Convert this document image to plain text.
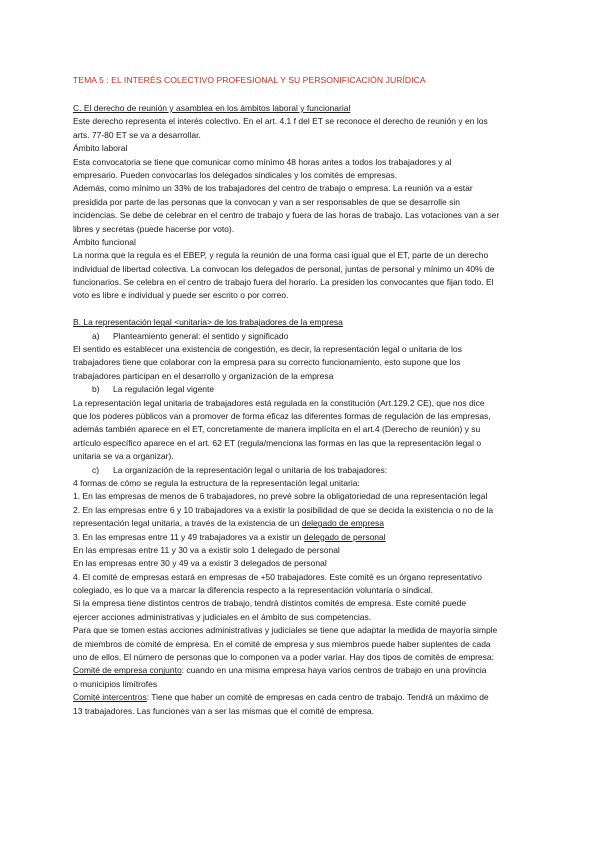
TEMA 5 : EL INTERÉS COLECTIVO PROFESIONAL Y SU PERSONIFICACIÓN JURÍDICA
C. El derecho de reunión y asamblea en los ámbitos laboral y funcionarial
Este derecho representa el interés colectivo. En el art. 4.1 f del ET se reconoce el derecho de reunión y en los
arts. 77-80 ET se va a desarrollar.
Ámbito laboral
Esta convocatoria se tiene que comunicar como mínimo 48 horas antes a todos los trabajadores y al
empresario. Pueden convocarlas los delegados sindicales y los comités de empresas.
Además, como mínimo un 33% de los trabajadores del centro de trabajo o empresa. La reunión va a estar
presidida por parte de las personas que la convocan y van a ser responsables de que se desarrolle sin
incidencias. Se debe de celebrar en el centro de trabajo y fuera de las horas de trabajo. Las votaciones van a ser
libres y secretas (puede hacerse por voto).
Ámbito funcional
La norma que la regula es el EBEP, y regula la reunión de una forma casi igual que el ET, parte de un derecho
individual de libertad colectiva. La convocan los delegados de personal, juntas de personal y mínimo un 40% de
funcionarios. Se celebra en el centro de trabajo fuera del horario. La presiden los convocantes que fijan todo. El
voto es libre e individual y puede ser escrito o por correo.
B. La representación legal <unitaria> de los trabajadores de la empresa
a) Planteamiento general: el sentido y significado
El sentido es establecer una existencia de congestión, es decir, la representación legal o unitaria de los
trabajadores tiene que colaborar con la empresa para su correcto funcionamiento, esto supone que los
trabajadores participan en el desarrollo y organización de la empresa
b) La regulación legal vigente
La representación legal unitaria de trabajadores está regulada en la constitución (Art.129.2 CE), que nos dice
que los poderes públicos van a promover de forma eficaz las diferentes formas de regulación de las empresas,
además también aparece en el ET, concretamente de manera implícita en el art.4 (Derecho de reunión) y su
artículo específico aparece en el art. 62 ET (regula/menciona las formas en las que la representación legal o
unitaria se va a organizar).
c) La organización de la representación legal o unitaria de los trabajadores:
4 formas de cómo se regula la estructura de la representación legal unitaria:
1. En las empresas de menos de 6 trabajadores, no prevé sobre la obligatoriedad de una representación legal
2. En las empresas entre 6 y 10 trabajadores va a existir la posibilidad de que se decida la existencia o no de la
representación legal unitaria, a través de la existencia de un delegado de empresa
3. En las empresas entre 11 y 49 trabajadores va a existir un delegado de personal
En las empresas entre 11 y 30 va a existir solo 1 delegado de personal
En las empresas entre 30 y 49 va a existir 3 delegados de personal
4. El comité de empresas estará en empresas de +50 trabajadores. Este comité es un órgano representativo
colegiado, es lo que va a marcar la diferencia respecto a la representación voluntaria o sindical.
Si la empresa tiene distintos centros de trabajo, tendrá distintos comités de empresa. Este comité puede
ejercer acciones administrativas y judiciales en el ámbito de sus competencias.
Para que se tomen estas acciones administrativas y judiciales se tiene que adaptar la medida de mayoría simple
de miembros de comité de empresa. En el comité de empresa y sus miembros puede haber suplentes de cada
uno de ellos. El número de personas que lo componen va a poder variar. Hay dos tipos de comités de empresa:
Comité de empresa conjunto: cuando en una misma empresa haya varios centros de trabajo en una provincia
o municipios limítrofes
Comité intercentros: Tiene que haber un comité de empresas en cada centro de trabajo. Tendrá un máximo de
13 trabajadores. Las funciones van a ser las mismas que el comité de empresa.
